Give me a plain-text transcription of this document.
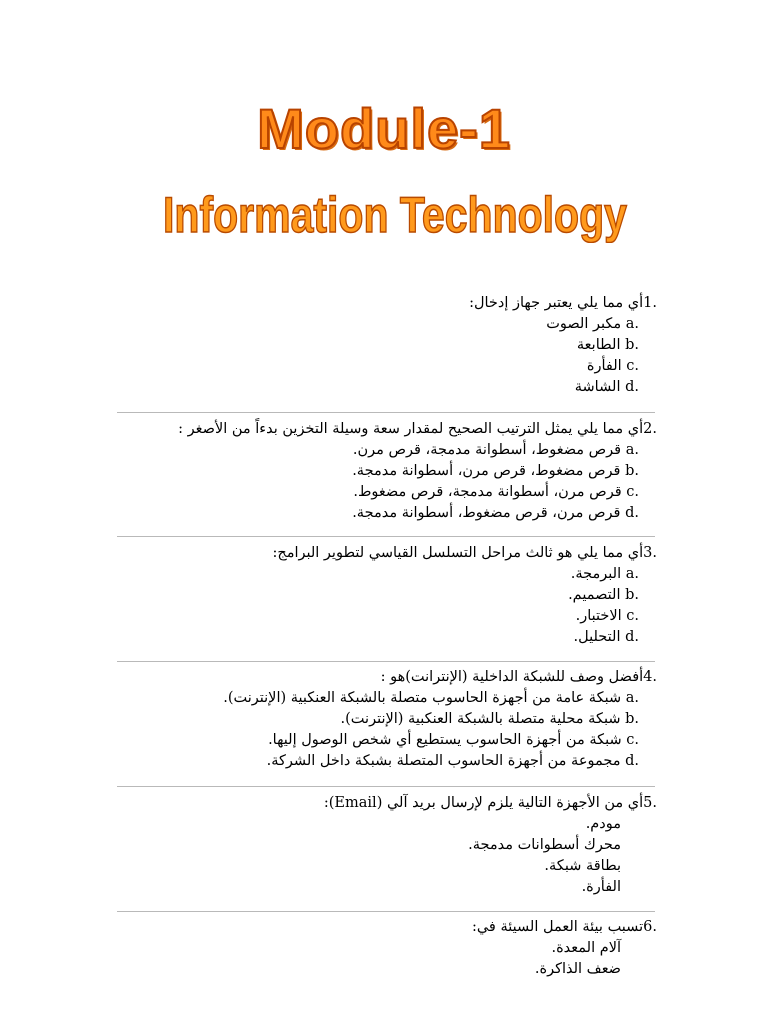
Module-1
Information Technology
1.أي مما يلي يعتبر جهاز إدخال:
a. مكبر الصوت
b. الطابعة
c. الفأرة
d. الشاشة
2.أي مما يلي يمثل الترتيب الصحيح لمقدار سعة وسيلة التخزين بدءاً من الأصغر :
a. قرص مضغوط، أسطوانة مدمجة، قرص مرن.
b. قرص مضغوط، قرص مرن، أسطوانة مدمجة.
c. قرص مرن، أسطوانة مدمجة، قرص مضغوط.
d. قرص مرن، قرص مضغوط، أسطوانة مدمجة.
3.أي مما يلي هو ثالث مراحل التسلسل القياسي لتطوير البرامج:
a. البرمجة.
b. التصميم.
c. الاختبار.
d. التحليل.
4.أفضل وصف للشبكة الداخلية (الإنترانت)هو :
a. شبكة عامة من أجهزة الحاسوب متصلة بالشبكة العنكبية (الإنترنت).
b. شبكة محلية متصلة بالشبكة العنكبية (الإنترنت).
c. شبكة من أجهزة الحاسوب يستطيع أي شخص الوصول إليها.
d. مجموعة من أجهزة الحاسوب المتصلة بشبكة داخل الشركة.
5.أي من الأجهزة التالية يلزم لإرسال بريد آلي (Email):
مودم.
محرك أسطوانات مدمجة.
بطاقة شبكة.
الفأرة.
6.تسبب بيئة العمل السيئة في:
آلام المعدة.
ضعف الذاكرة.
